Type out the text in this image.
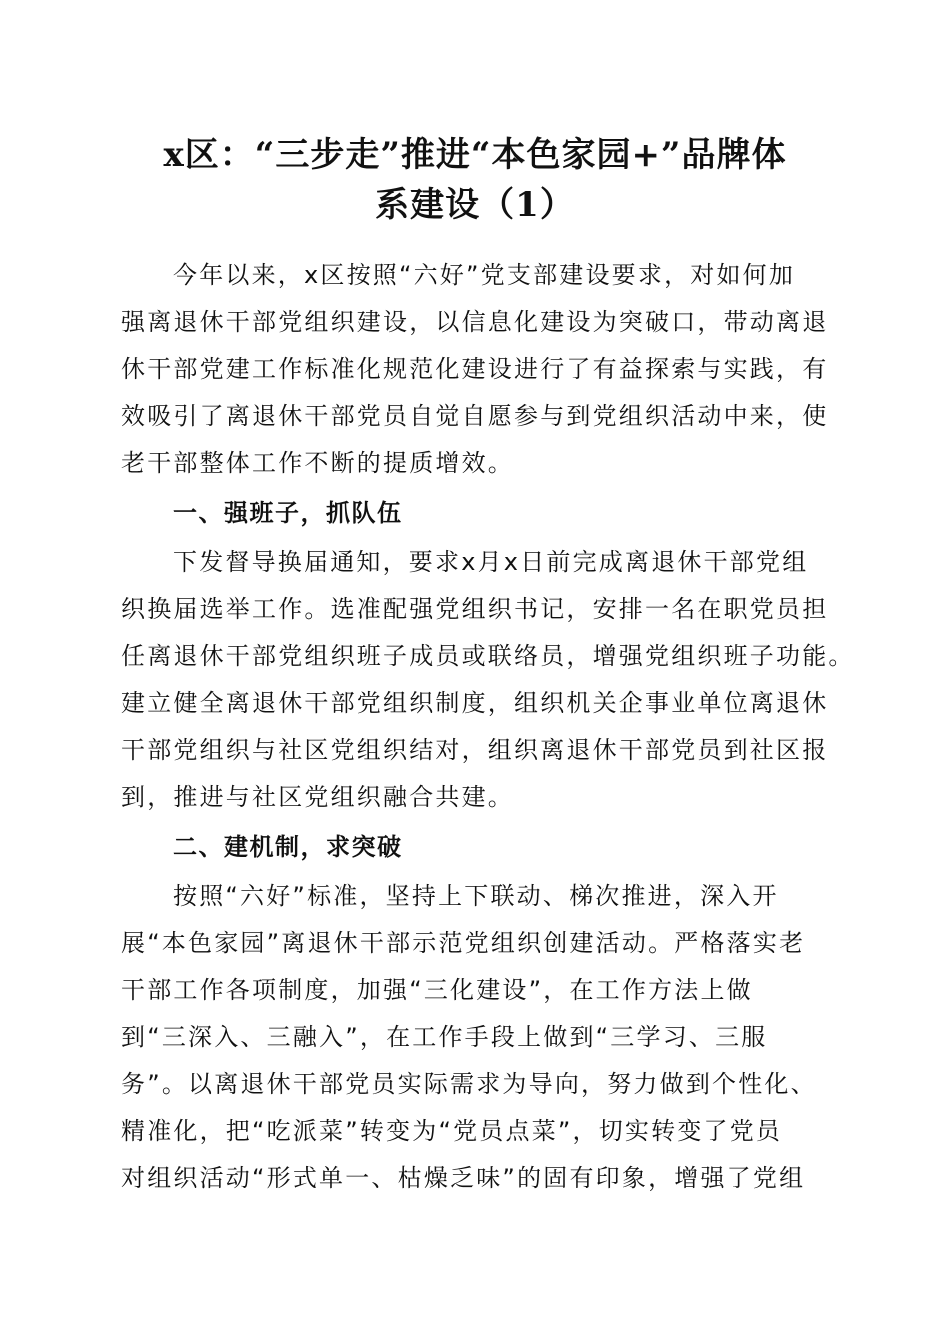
x区：“三步走”推进“本色家园+”品牌体
系建设（1）
今年以来，x区按照“六好”党支部建设要求，对如何加
强离退休干部党组织建设，以信息化建设为突破口，带动离退
休干部党建工作标准化规范化建设进行了有益探索与实践，有
效吸引了离退休干部党员自觉自愿参与到党组织活动中来，使
老干部整体工作不断的提质增效。
一、强班子，抓队伍
下发督导换届通知，要求x月x日前完成离退休干部党组
织换届选举工作。选准配强党组织书记，安排一名在职党员担
任离退休干部党组织班子成员或联络员，增强党组织班子功能。
建立健全离退休干部党组织制度，组织机关企事业单位离退休
干部党组织与社区党组织结对，组织离退休干部党员到社区报
到，推进与社区党组织融合共建。
二、建机制，求突破
按照“六好”标准，坚持上下联动、梯次推进，深入开
展“本色家园”离退休干部示范党组织创建活动。严格落实老
干部工作各项制度，加强“三化建设”，在工作方法上做
到“三深入、三融入”，在工作手段上做到“三学习、三服
务”。以离退休干部党员实际需求为导向，努力做到个性化、
精准化，把“吃派菜”转变为“党员点菜”，切实转变了党员
对组织活动“形式单一、枯燥乏味”的固有印象，增强了党组
